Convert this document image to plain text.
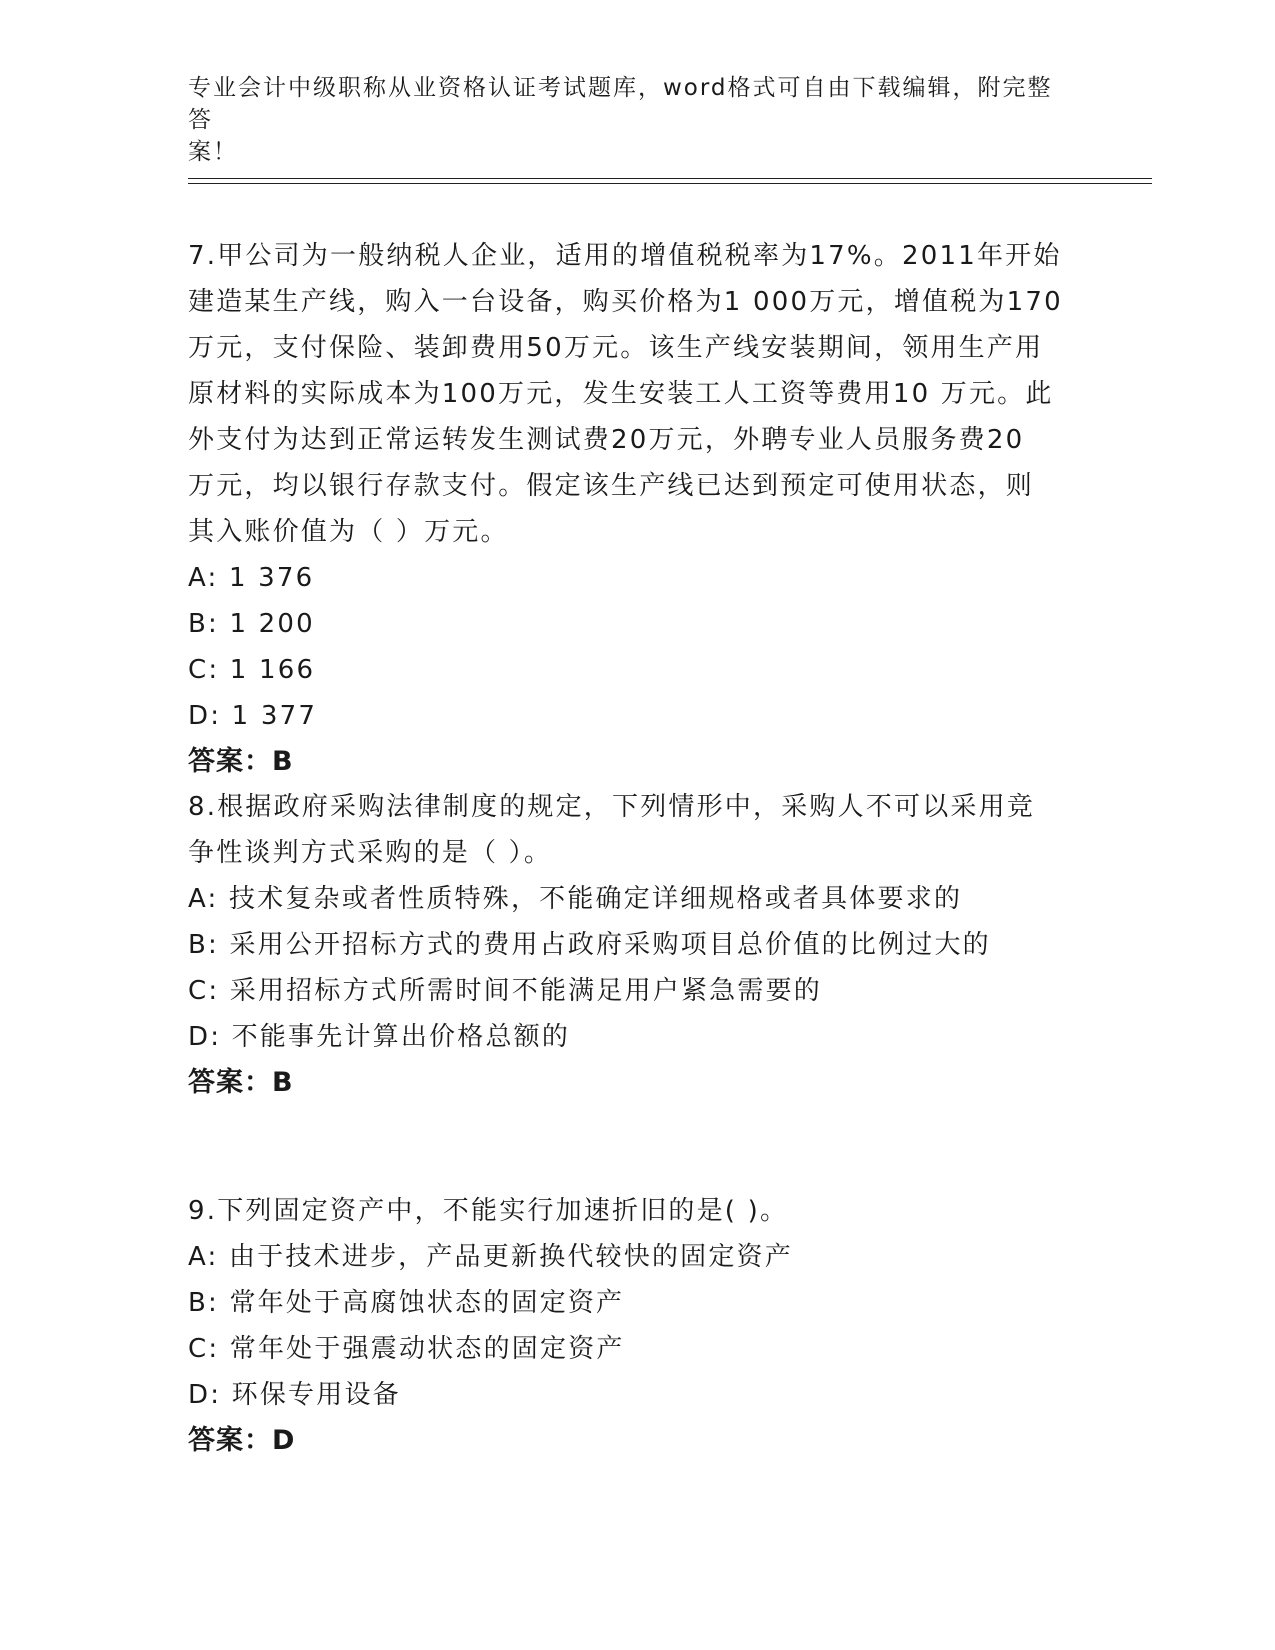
专业会计中级职称从业资格认证考试题库，word格式可自由下载编辑，附完整答
案！

7.甲公司为一般纳税人企业，适用的增值税税率为17%。2011年开始
建造某生产线，购入一台设备，购买价格为1 000万元，增值税为170
万元，支付保险、装卸费用50万元。该生产线安装期间，领用生产用
原材料的实际成本为100万元，发生安装工人工资等费用10 万元。此
外支付为达到正常运转发生测试费20万元，外聘专业人员服务费20
万元，均以银行存款支付。假定该生产线已达到预定可使用状态，则
其入账价值为（ ）万元。

A: 1 376
B: 1 200
C: 1 166
D: 1 377
答案：B

8.根据政府采购法律制度的规定，下列情形中，采购人不可以采用竞
争性谈判方式采购的是（ ）。

A: 技术复杂或者性质特殊，不能确定详细规格或者具体要求的
B: 采用公开招标方式的费用占政府采购项目总价值的比例过大的
C: 采用招标方式所需时间不能满足用户紧急需要的
D: 不能事先计算出价格总额的
答案：B

9.下列固定资产中，不能实行加速折旧的是( )。

A: 由于技术进步，产品更新换代较快的固定资产
B: 常年处于高腐蚀状态的固定资产
C: 常年处于强震动状态的固定资产
D: 环保专用设备
答案：D
